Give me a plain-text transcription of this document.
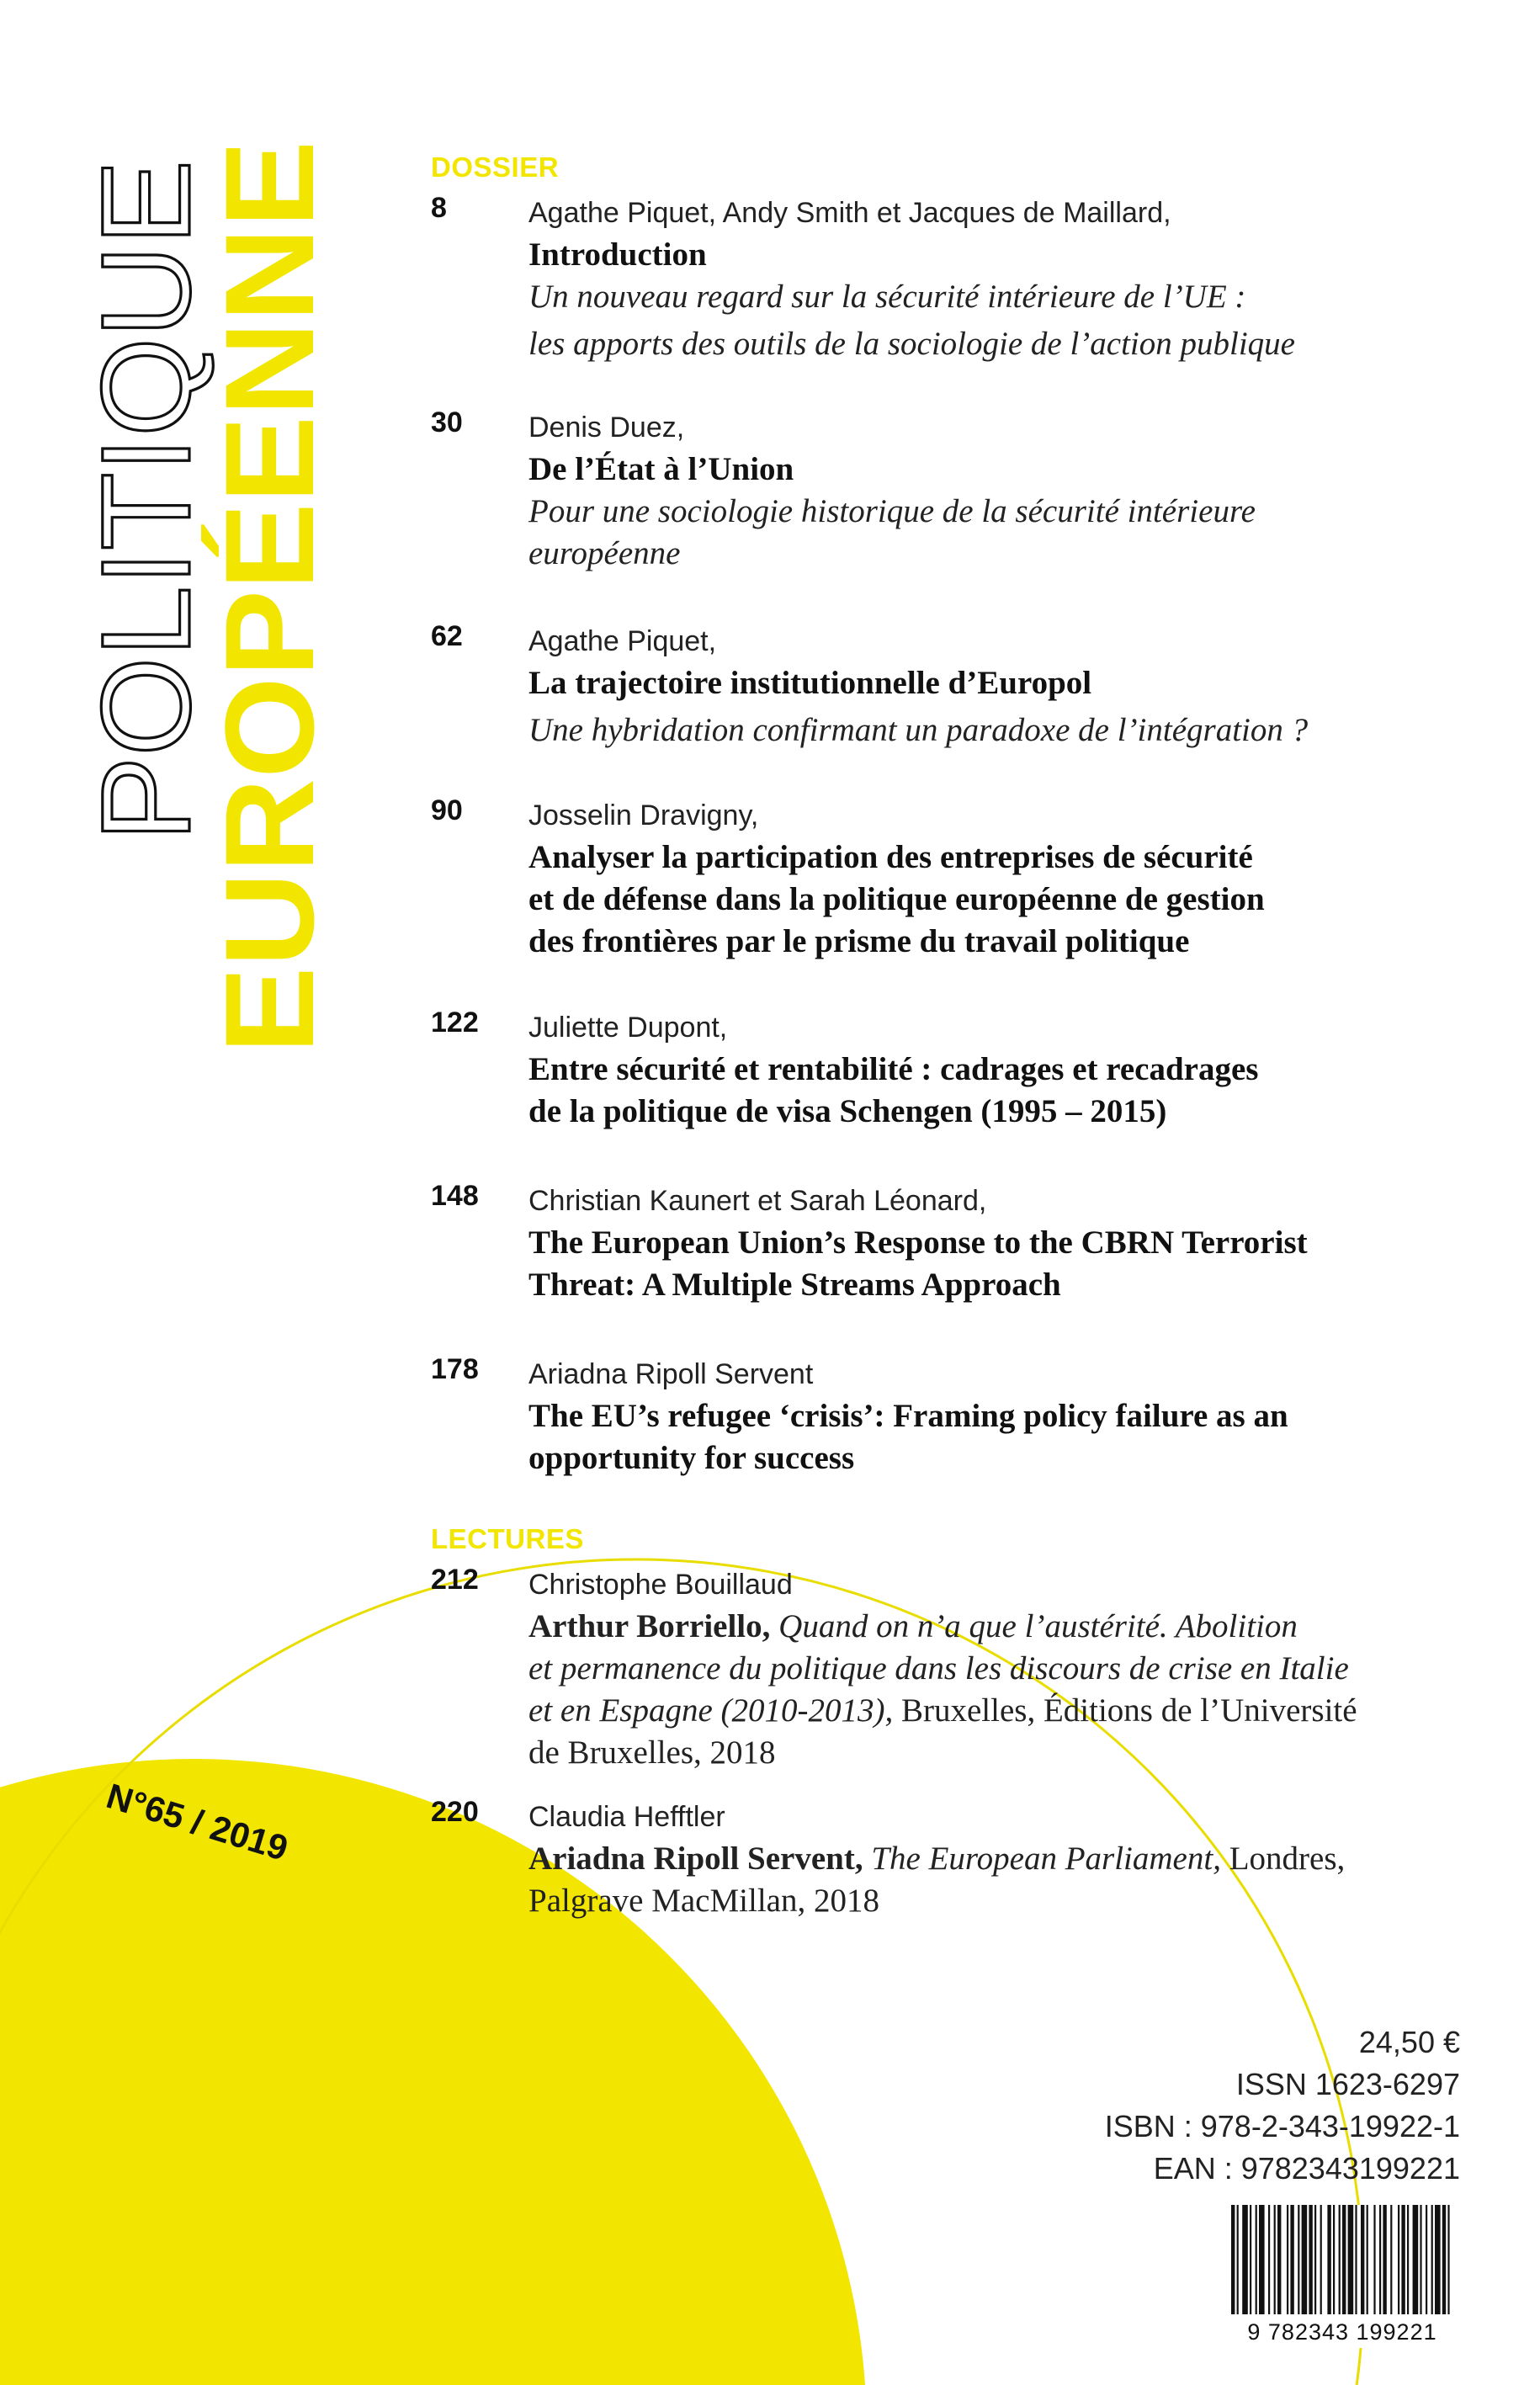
POLITIQUE
EUROPÉENNE
N°65 / 2019
DOSSIER
8	Agathe Piquet, Andy Smith et Jacques de Maillard,
Introduction
Un nouveau regard sur la sécurité intérieure de l’UE :
les apports des outils de la sociologie de l’action publique
30 Denis Duez,
De l’État à l’Union
Pour une sociologie historique de la sécurité intérieure
européenne
62 Agathe Piquet,
La trajectoire institutionnelle d’Europol
Une hybridation confirmant un paradoxe de l’intégration ?
90 Josselin Dravigny,
Analyser la participation des entreprises de sécurité
et de défense dans la politique européenne de gestion
des frontières par le prisme du travail politique
122 Juliette Dupont,
Entre sécurité et rentabilité : cadrages et recadrages
de la politique de visa Schengen (1995 – 2015)
148 Christian Kaunert et Sarah Léonard,
The European Union’s Response to the CBRN Terrorist
Threat: A Multiple Streams Approach
178 Ariadna Ripoll Servent
The EU’s refugee ‘crisis’: Framing policy failure as an
opportunity for success
LECTURES
212 Christophe Bouillaud
Arthur Borriello, Quand on n’a que l’austérité. Abolition
et permanence du politique dans les discours de crise en Italie
et en Espagne (2010-2013), Bruxelles, Éditions de l’Université
de Bruxelles, 2018
220 Claudia Hefftler
Ariadna Ripoll Servent, The European Parliament, Londres,
Palgrave MacMillan, 2018
24,50 €
ISSN 1623-6297
ISBN : 978-2-343-19922-1
EAN : 9782343199221
9 782343 199221
